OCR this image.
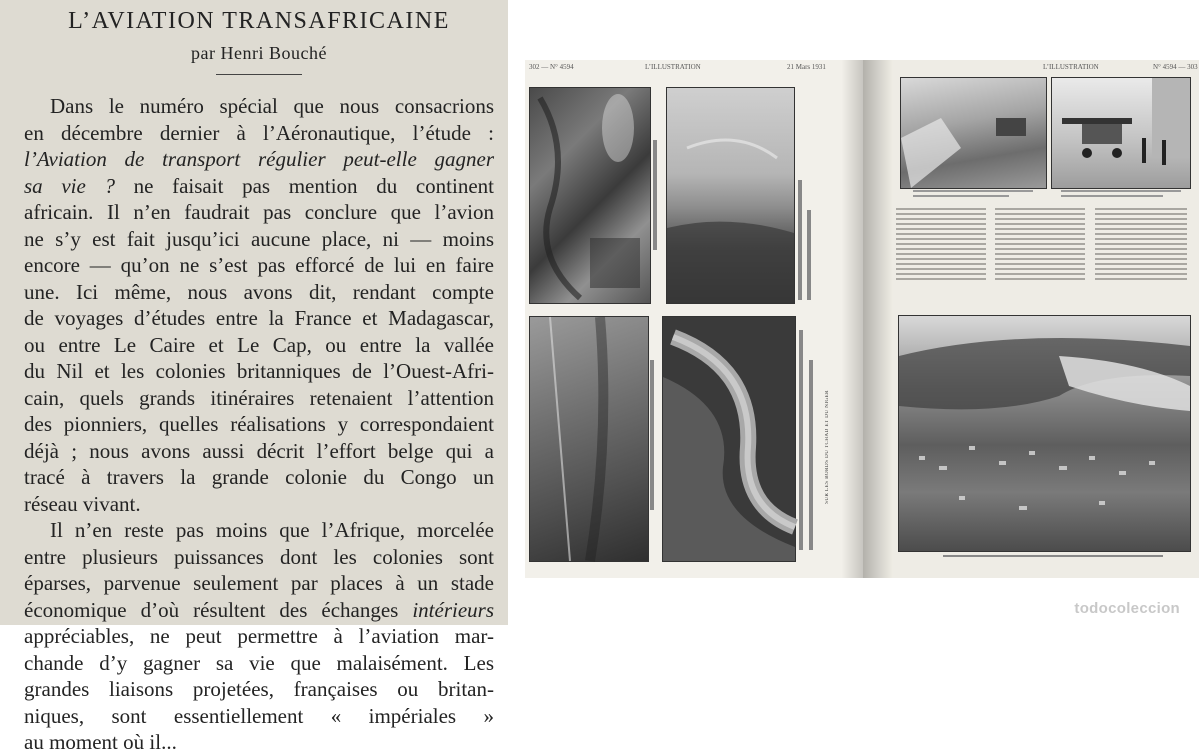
L’AVIATION TRANSAFRICAINE
par Henri Bouché

Dans le numéro spécial que nous consacrions

en décembre dernier à l’Aéronautique, l’étude :

l’Aviation de transport régulier peut-elle gagner

sa vie ? ne faisait pas mention du continent

africain. Il n’en faudrait pas conclure que l’avion

ne s’y est fait jusqu’ici aucune place, ni — moins

encore — qu’on ne s’est pas efforcé de lui en faire

une. Ici même, nous avons dit, rendant compte

de voyages d’études entre la France et Madagascar,

ou entre Le Caire et Le Cap, ou entre la vallée

du Nil et les colonies britanniques de l’Ouest-Afri-

cain, quels grands itinéraires retenaient l’attention

des pionniers, quelles réalisations y correspondaient

déjà ; nous avons aussi décrit l’effort belge qui a

tracé à travers la grande colonie du Congo un

réseau vivant.

Il n’en reste pas moins que l’Afrique, morcelée

entre plusieurs puissances dont les colonies sont

éparses, parvenue seulement par places à un stade

économique d’où résultent des échanges intérieurs

appréciables, ne peut permettre à l’aviation mar-

chande d’y gagner sa vie que malaisément. Les

grandes liaisons projetées, françaises ou britan-

niques, sont essentiellement « impériales »

au moment où il...

302 — N° 4594	L’ILLUSTRATION	21 Mars 1931
SUR LES BORDS DU TCHAD ET DU NIGER
L’ILLUSTRATION	N° 4594 — 303
todocoleccion
